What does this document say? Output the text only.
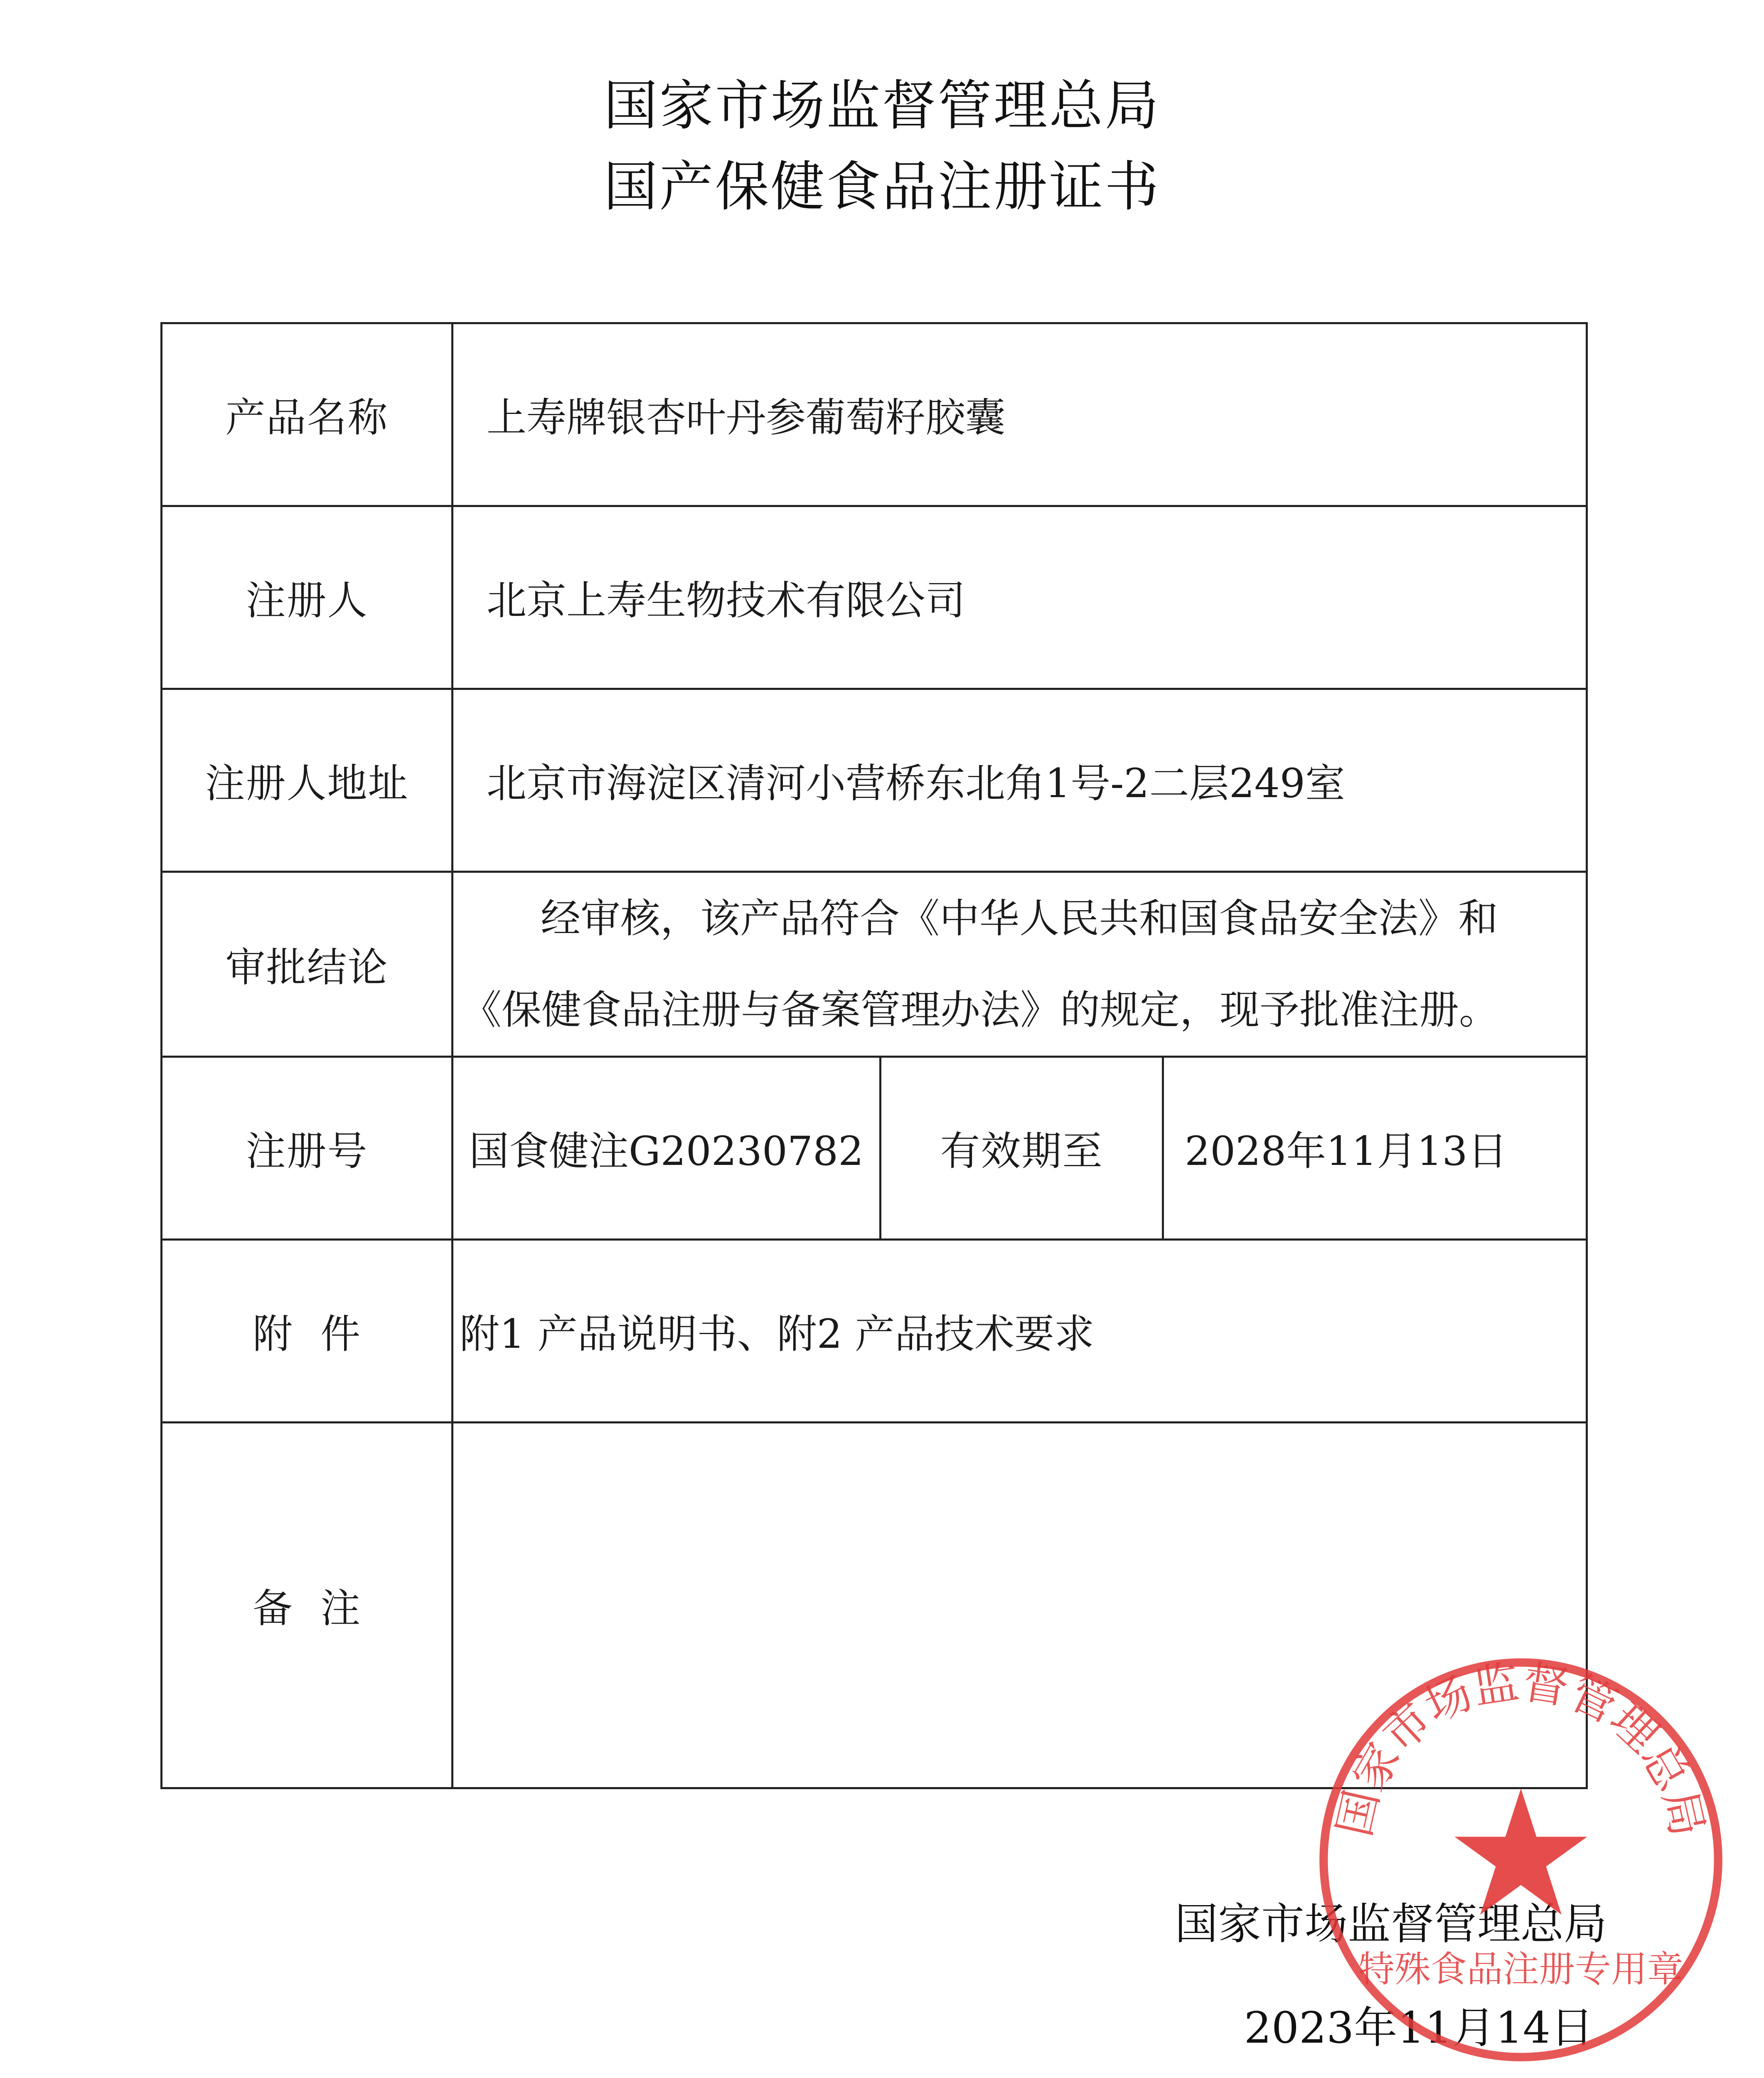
国家市场监督管理总局
国产保健食品注册证书
产品名称	上寿牌银杏叶丹参葡萄籽胶囊		
注册人	北京上寿生物技术有限公司		
注册人地址	北京市海淀区清河小营桥东北角1号-2二层249室		
审批结论	经审核，该产品符合《中华人民共和国食品安全法》和《保健食品注册与备案管理办法》的规定，现予批准注册。		
注册号	国食健注G20230782	有效期至	2028年11月13日
附  件	附1 产品说明书、附2 产品技术要求		
备  注			
国家市场监督管理总局
2023年11月14日
国家市场监督管理总局
特殊食品注册专用章
